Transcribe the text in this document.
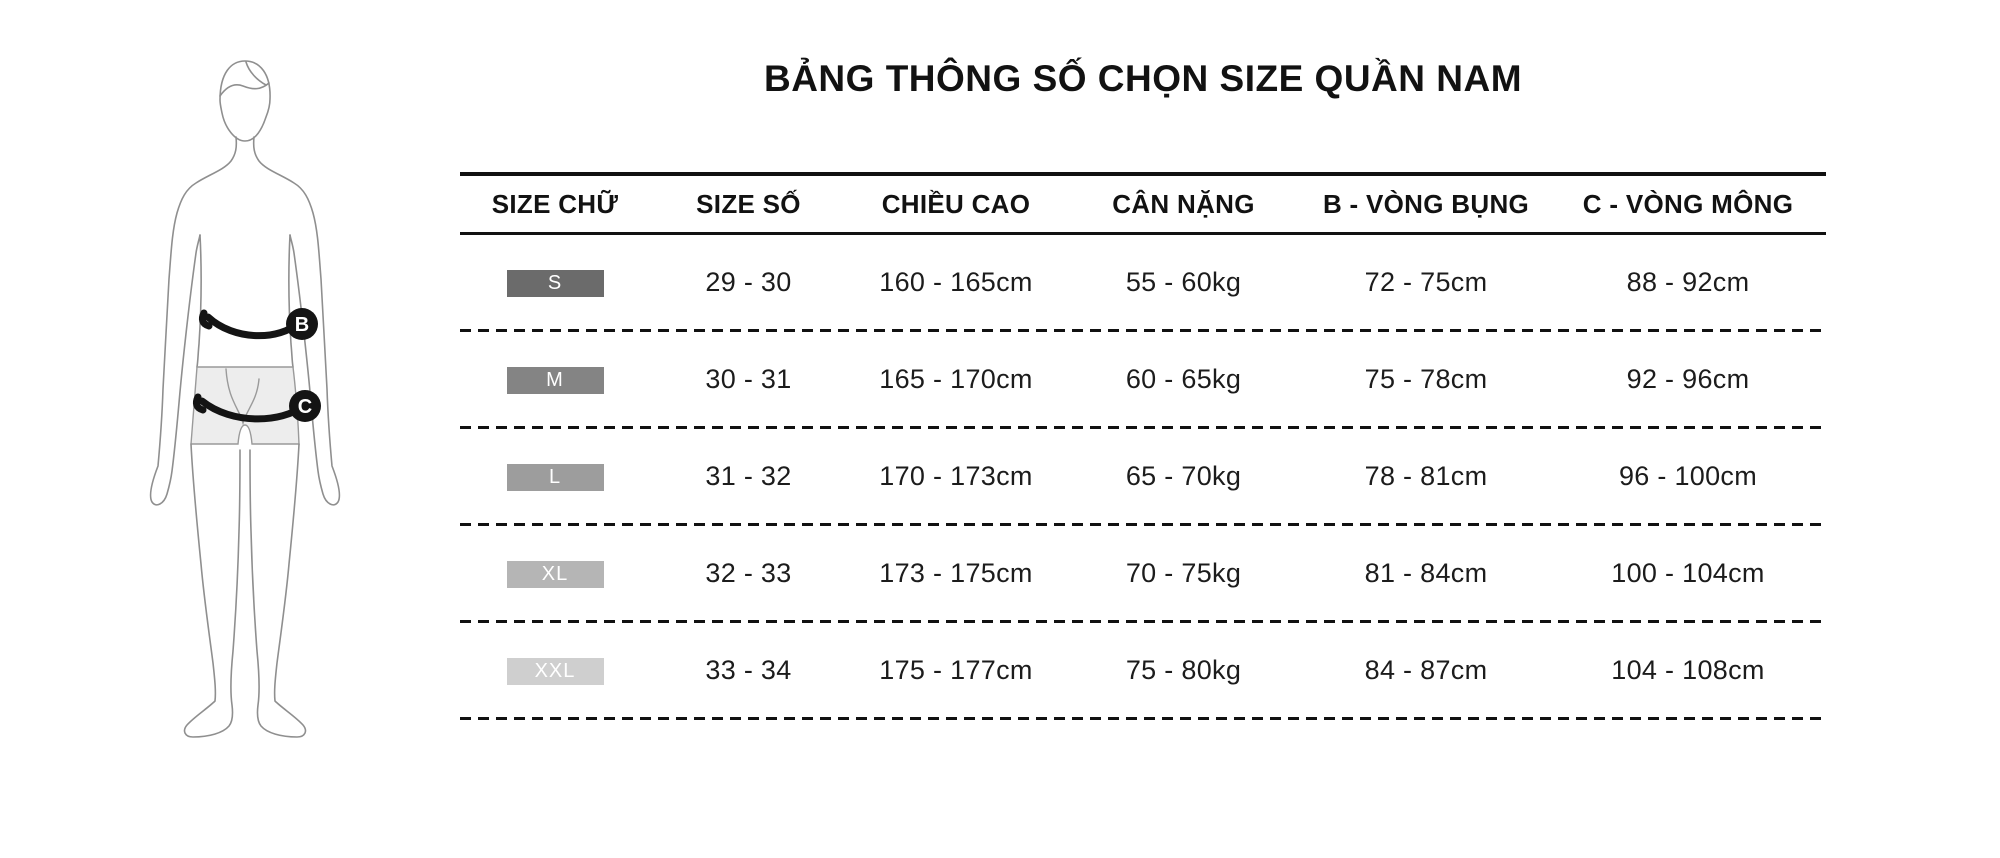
BẢNG THÔNG SỐ CHỌN SIZE QUẦN NAM
B
C
SIZE CHỮ	SIZE SỐ	CHIỀU CAO	CÂN NẶNG	B - VÒNG BỤNG	C - VÒNG MÔNG
S	29 - 30	160 - 165cm	55 - 60kg	72 - 75cm	88 - 92cm
M	30 - 31	165 - 170cm	60 - 65kg	75 - 78cm	92 - 96cm
L	31 - 32	170 - 173cm	65 - 70kg	78 - 81cm	96 - 100cm
XL	32 - 33	173 - 175cm	70 - 75kg	81 - 84cm	100 - 104cm
XXL	33 - 34	175 - 177cm	75 - 80kg	84 - 87cm	104 - 108cm
